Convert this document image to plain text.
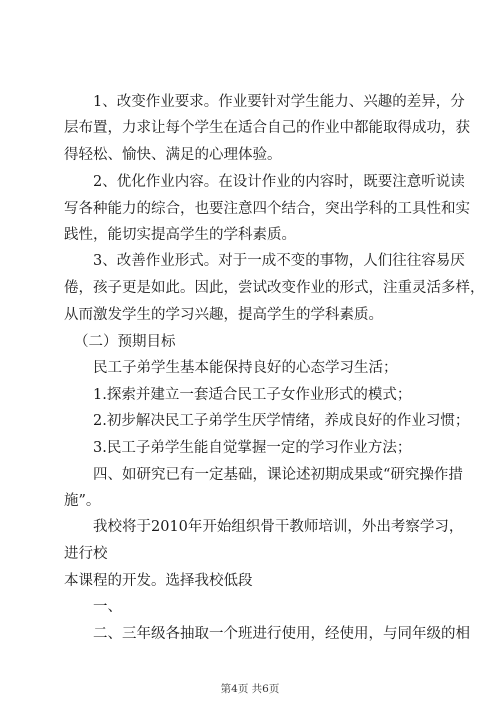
1、改变作业要求。作业要针对学生能力、兴趣的差异，分
层布置，力求让每个学生在适合自己的作业中都能取得成功，获
得轻松、愉快、满足的心理体验。
2、优化作业内容。在设计作业的内容时，既要注意听说读
写各种能力的综合，也要注意四个结合，突出学科的工具性和实
践性，能切实提高学生的学科素质。
3、改善作业形式。对于一成不变的事物，人们往往容易厌
倦，孩子更是如此。因此，尝试改变作业的形式，注重灵活多样，
从而激发学生的学习兴趣，提高学生的学科素质。
（二）预期目标
民工子弟学生基本能保持良好的心态学习生活；
1.探索并建立一套适合民工子女作业形式的模式；
2.初步解决民工子弟学生厌学情绪，养成良好的作业习惯；
3.民工子弟学生能自觉掌握一定的学习作业方法；
四、如研究已有一定基础，课论述初期成果或“研究操作措
施”。
我校将于2010年开始组织骨干教师培训，外出考察学习，
进行校
本课程的开发。选择我校低段
一、
二、三年级各抽取一个班进行使用，经使用，与同年级的相
第4页 共6页
